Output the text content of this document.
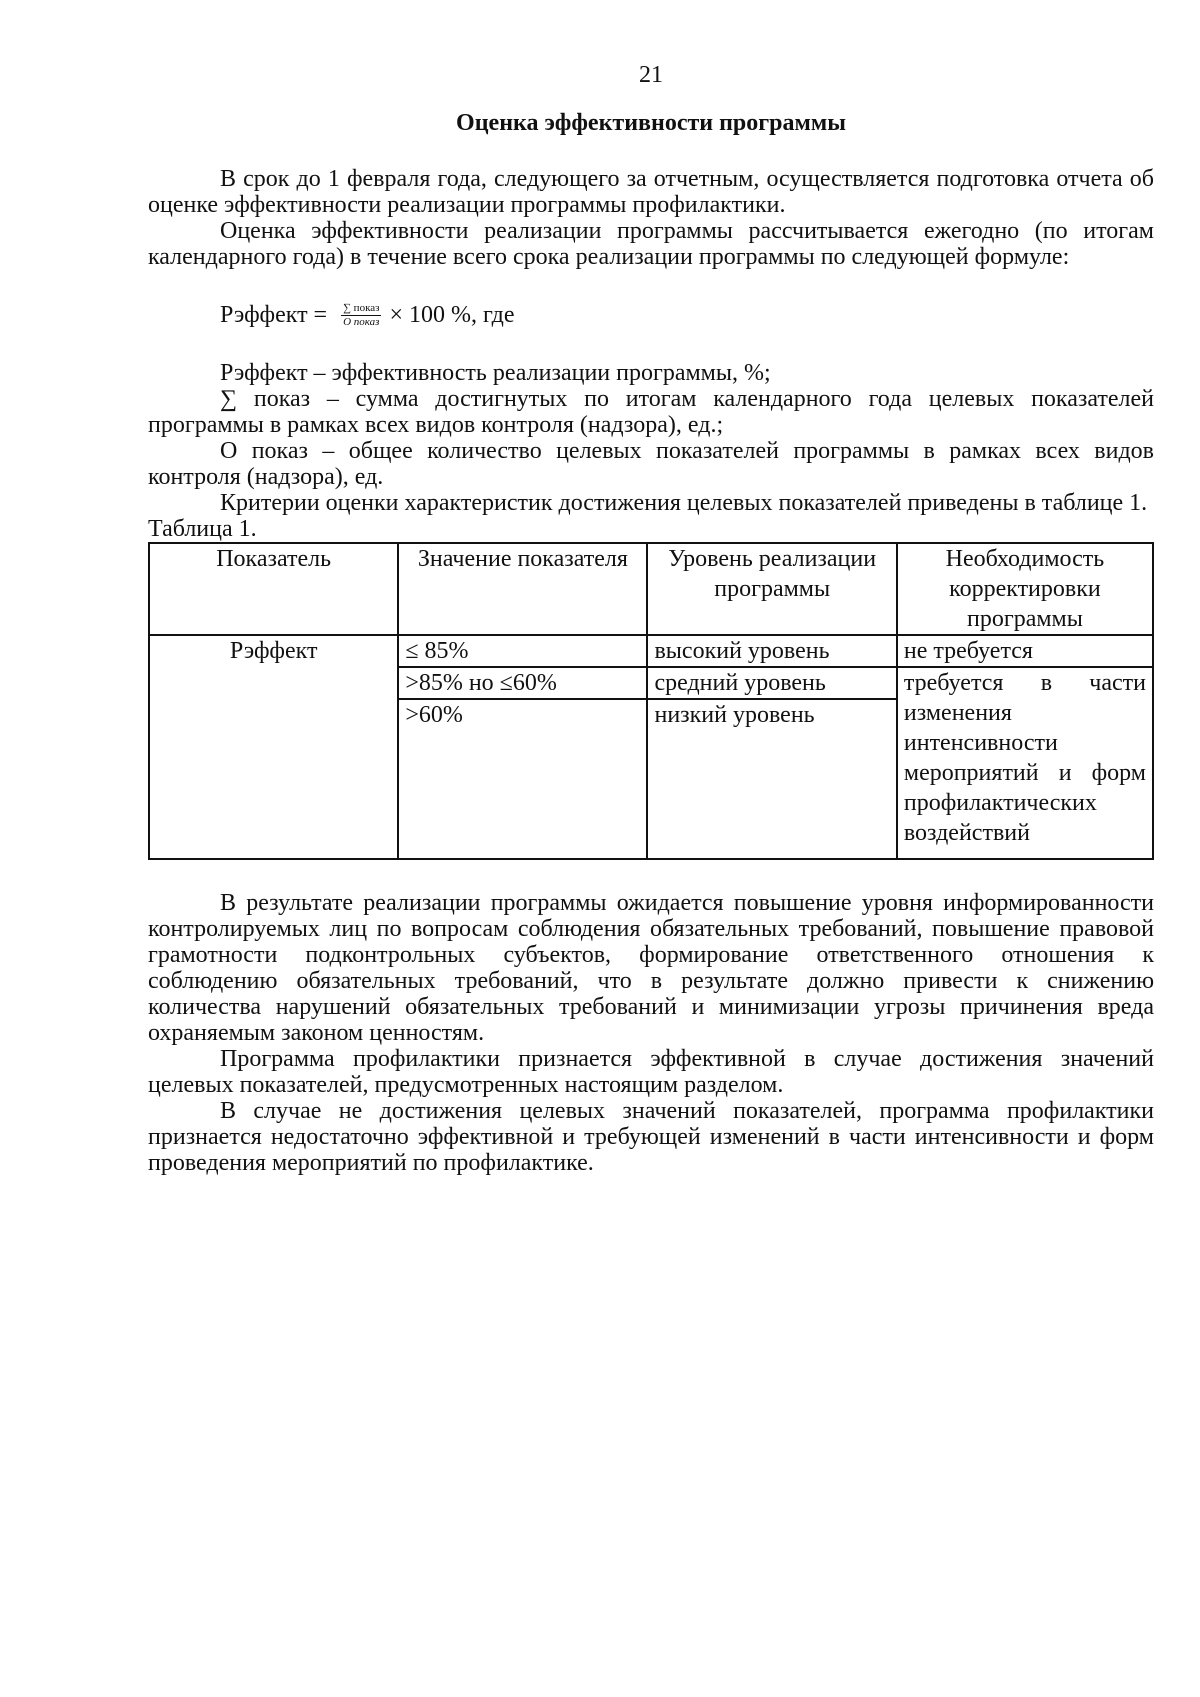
21
Оценка эффективности программы

В срок до 1 февраля года, следующего за отчетным, осуществляется подготовка отчета об оценке эффективности реализации программы профилактики.

Оценка эффективности реализации программы рассчитывается ежегодно (по итогам календарного года) в течение всего срока реализации программы по следующей формуле:

Рэффект = $\frac{\text{∑ показ}}{\text{О показ}} \times 100$ %, где

Рэффект – эффективность реализации программы, %;

∑ показ – сумма достигнутых по итогам календарного года целевых показателей программы в рамках всех видов контроля (надзора), ед.;

О показ – общее количество целевых показателей программы в рамках всех видов контроля (надзора), ед.

Критерии оценки характеристик достижения целевых показателей приведены в таблице 1.

Таблица 1.

Показатель	Значение показателя	Уровень реализации программы	Необходимость корректировки программы
Рэффект	≤ 85%	высокий уровень	не требуется
	>85% но ≤60%	средний уровень	требуется в части изменения интенсивности мероприятий и форм профилактических воздействий
	>60%	низкий уровень	

В результате реализации программы ожидается повышение уровня информированности контролируемых лиц по вопросам соблюдения обязательных требований, повышение правовой грамотности подконтрольных субъектов, формирование ответственного отношения к соблюдению обязательных требований, что в результате должно привести к снижению количества нарушений обязательных требований и минимизации угрозы причинения вреда охраняемым законом ценностям.

Программа профилактики признается эффективной в случае достижения значений целевых показателей, предусмотренных настоящим разделом.

В случае не достижения целевых значений показателей, программа профилактики признается недостаточно эффективной и требующей изменений в части интенсивности и форм проведения мероприятий по профилактике.
